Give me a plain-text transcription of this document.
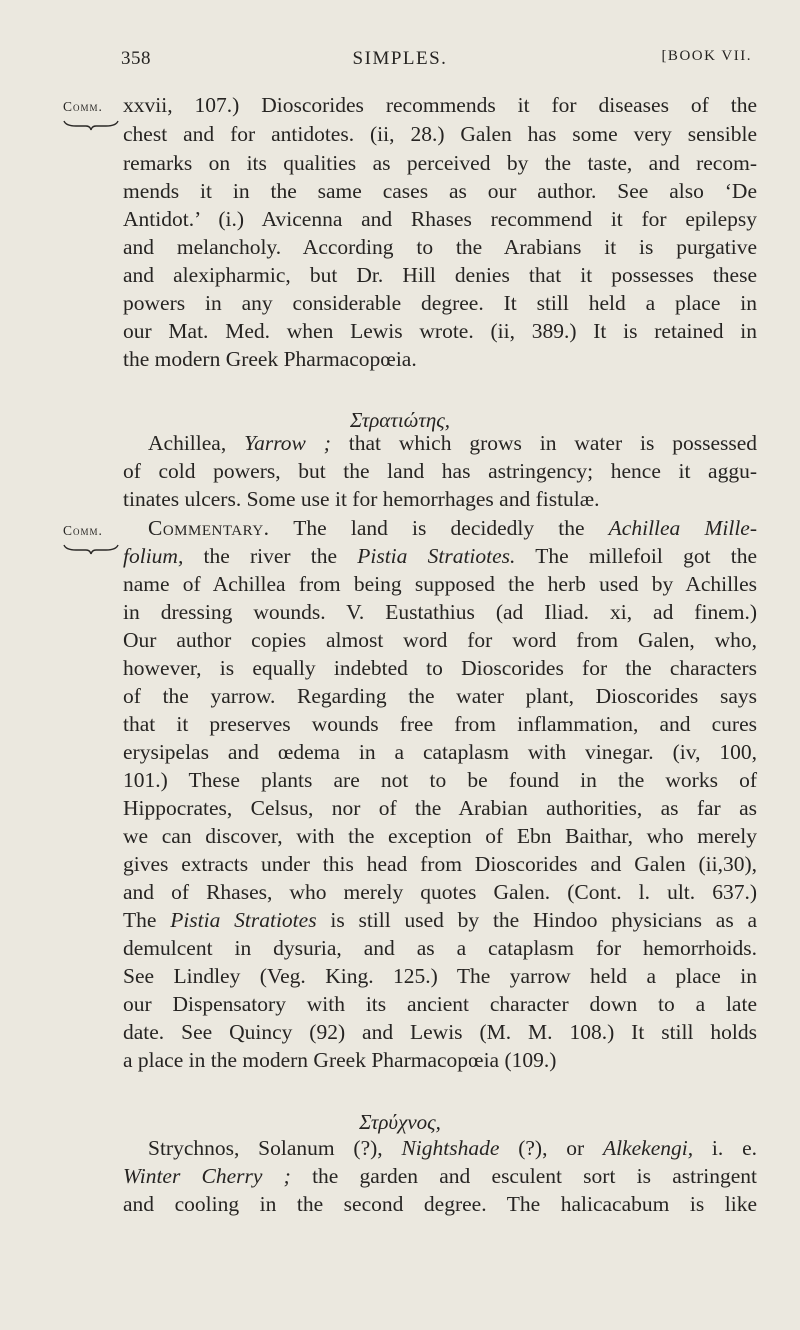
358	SIMPLES.	[BOOK VII.
Comm. xxvii, 107.) Dioscorides recommends it for diseases of the
chest and for antidotes. (ii, 28.) Galen has some very sensible
remarks on its qualities as perceived by the taste, and recom-
mends it in the same cases as our author. See also ‘De
Antidot.’ (i.) Avicenna and Rhases recommend it for epilepsy
and melancholy. According to the Arabians it is purgative
and alexipharmic, but Dr. Hill denies that it possesses these
powers in any considerable degree. It still held a place in
our Mat. Med. when Lewis wrote. (ii, 389.) It is retained in
the modern Greek Pharmacopœia.
Στρατιώτης,
Achillea, Yarrow ; that which grows in water is possessed
of cold powers, but the land has astringency; hence it aggu-
tinates ulcers. Some use it for hemorrhages and fistulæ.
Comm. Commentary. The land is decidedly the Achillea Mille-
folium, the river the Pistia Stratiotes. The millefoil got the
name of Achillea from being supposed the herb used by Achilles
in dressing wounds. V. Eustathius (ad Iliad. xi, ad finem.)
Our author copies almost word for word from Galen, who,
however, is equally indebted to Dioscorides for the characters
of the yarrow. Regarding the water plant, Dioscorides says
that it preserves wounds free from inflammation, and cures
erysipelas and œdema in a cataplasm with vinegar. (iv, 100,
101.) These plants are not to be found in the works of
Hippocrates, Celsus, nor of the Arabian authorities, as far as
we can discover, with the exception of Ebn Baithar, who merely
gives extracts under this head from Dioscorides and Galen (ii,30),
and of Rhases, who merely quotes Galen. (Cont. l. ult. 637.)
The Pistia Stratiotes is still used by the Hindoo physicians as a
demulcent in dysuria, and as a cataplasm for hemorrhoids.
See Lindley (Veg. King. 125.) The yarrow held a place in
our Dispensatory with its ancient character down to a late
date. See Quincy (92) and Lewis (M. M. 108.) It still holds
a place in the modern Greek Pharmacopœia (109.)
Στρύχνος,
Strychnos, Solanum (?), Nightshade (?), or Alkekengi, i. e.
Winter Cherry ; the garden and esculent sort is astringent
and cooling in the second degree. The halicacabum is like
